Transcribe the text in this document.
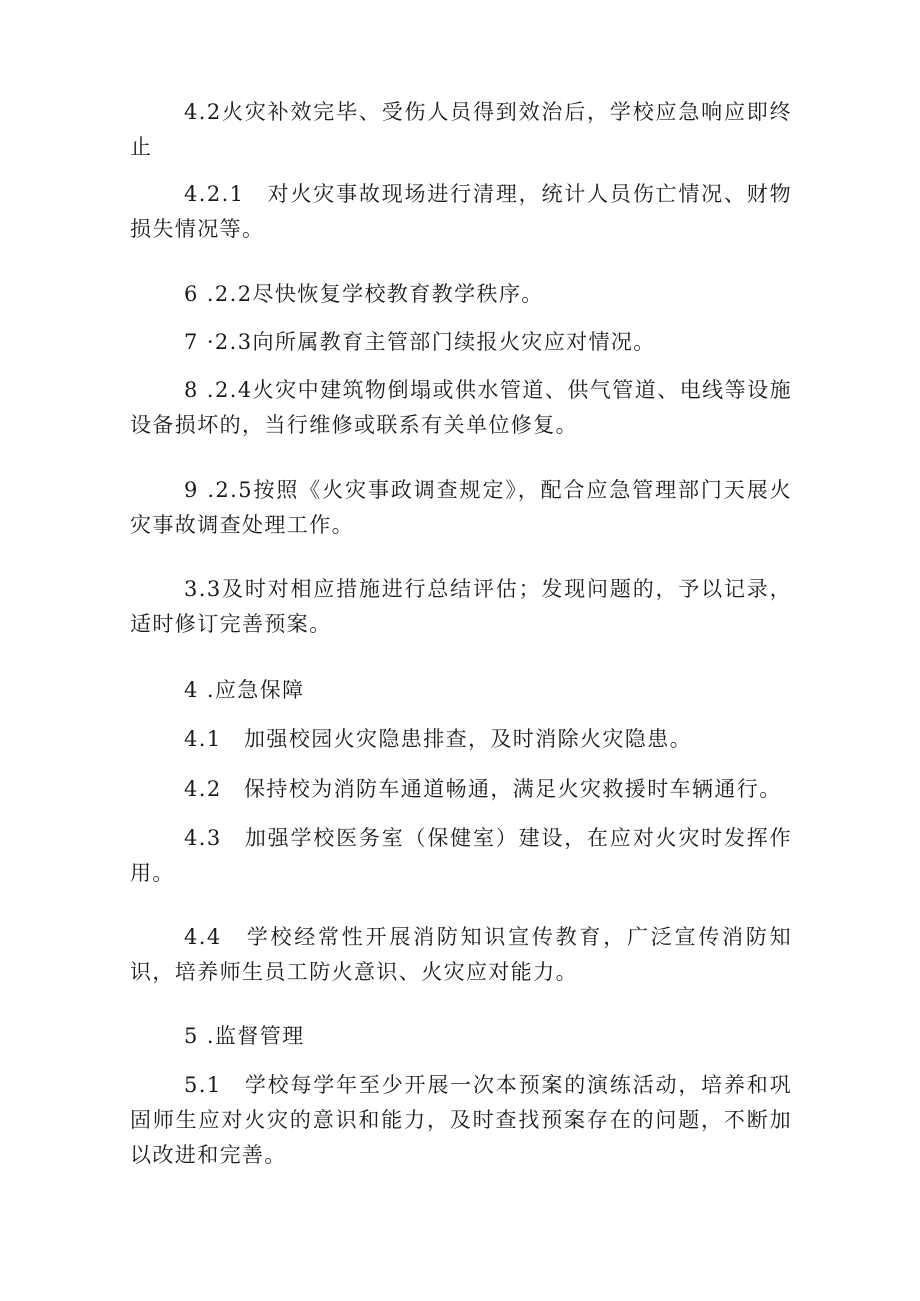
4.2火灾补效完毕、受伤人员得到效治后，学校应急响应即终止

4.2.1　对火灾事故现场进行清理，统计人员伤亡情况、财物损失情况等。

6 .2.2尽快恢复学校教育教学秩序。

7 ·2.3向所属教育主管部门续报火灾应对情况。

8 .2.4火灾中建筑物倒塌或供水管道、供气管道、电线等设施设备损坏的，当行维修或联系有关单位修复。

9 .2.5按照《火灾事政调查规定》，配合应急管理部门天展火灾事故调查处理工作。

3.3及时对相应措施进行总结评估；发现问题的，予以记录，适时修订完善预案。

4 .应急保障

4.1　加强校园火灾隐患排查，及时消除火灾隐患。

4.2　保持校为消防车通道畅通，满足火灾救援时车辆通行。

4.3　加强学校医务室（保健室）建设，在应对火灾时发挥作用。

4.4　学校经常性开展消防知识宣传教育，广泛宣传消防知识，培养师生员工防火意识、火灾应对能力。

5 .监督管理

5.1　学校每学年至少开展一次本预案的演练活动，培养和巩固师生应对火灾的意识和能力，及时查找预案存在的问题，不断加以改进和完善。
